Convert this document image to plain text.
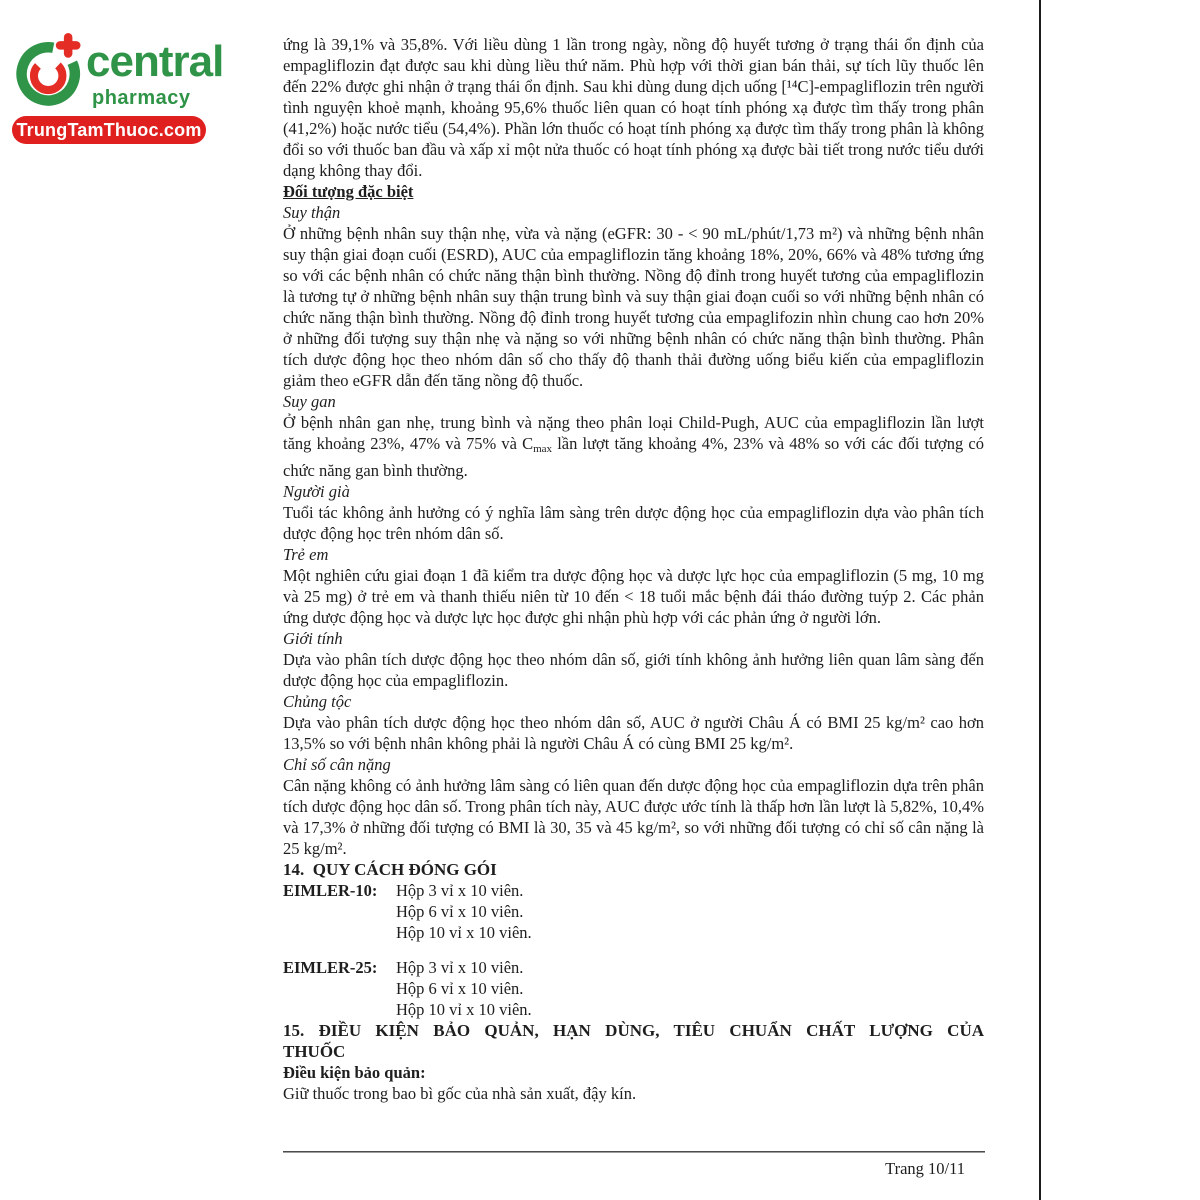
central
pharmacy
TrungTamThuoc.com

ứng là 39,1% và 35,8%. Với liều dùng 1 lần trong ngày, nồng độ huyết tương ở trạng thái ổn định của empagliflozin đạt được sau khi dùng liều thứ năm. Phù hợp với thời gian bán thải, sự tích lũy thuốc lên đến 22% được ghi nhận ở trạng thái ổn định. Sau khi dùng dung dịch uống [¹⁴C]-empagliflozin trên người tình nguyện khoẻ mạnh, khoảng 95,6% thuốc liên quan có hoạt tính phóng xạ được tìm thấy trong phân (41,2%) hoặc nước tiểu (54,4%). Phần lớn thuốc có hoạt tính phóng xạ được tìm thấy trong phân là không đổi so với thuốc ban đầu và xấp xỉ một nửa thuốc có hoạt tính phóng xạ được bài tiết trong nước tiểu dưới dạng không thay đổi.

Đối tượng đặc biệt

Suy thận

Ở những bệnh nhân suy thận nhẹ, vừa và nặng (eGFR: 30 - < 90 mL/phút/1,73 m²) và những bệnh nhân suy thận giai đoạn cuối (ESRD), AUC của empagliflozin tăng khoảng 18%, 20%, 66% và 48% tương ứng so với các bệnh nhân có chức năng thận bình thường. Nồng độ đỉnh trong huyết tương của empagliflozin là tương tự ở những bệnh nhân suy thận trung bình và suy thận giai đoạn cuối so với những bệnh nhân có chức năng thận bình thường. Nồng độ đỉnh trong huyết tương của empaglifozin nhìn chung cao hơn 20% ở những đối tượng suy thận nhẹ và nặng so với những bệnh nhân có chức năng thận bình thường. Phân tích dược động học theo nhóm dân số cho thấy độ thanh thải đường uống biểu kiến của empagliflozin giảm theo eGFR dẫn đến tăng nồng độ thuốc.

Suy gan

Ở bệnh nhân gan nhẹ, trung bình và nặng theo phân loại Child-Pugh, AUC của empagliflozin lần lượt tăng khoảng 23%, 47% và 75% và Cmax lần lượt tăng khoảng 4%, 23% và 48% so với các đối tượng có chức năng gan bình thường.

Người già

Tuổi tác không ảnh hưởng có ý nghĩa lâm sàng trên dược động học của empagliflozin dựa vào phân tích dược động học trên nhóm dân số.

Trẻ em

Một nghiên cứu giai đoạn 1 đã kiểm tra dược động học và dược lực học của empagliflozin (5 mg, 10 mg và 25 mg) ở trẻ em và thanh thiếu niên từ 10 đến < 18 tuổi mắc bệnh đái tháo đường tuýp 2. Các phản ứng dược động học và dược lực học được ghi nhận phù hợp với các phản ứng ở người lớn.

Giới tính

Dựa vào phân tích dược động học theo nhóm dân số, giới tính không ảnh hưởng liên quan lâm sàng đến dược động học của empagliflozin.

Chủng tộc

Dựa vào phân tích dược động học theo nhóm dân số, AUC ở người Châu Á có BMI 25 kg/m² cao hơn 13,5% so với bệnh nhân không phải là người Châu Á có cùng BMI 25 kg/m².

Chỉ số cân nặng

Cân nặng không có ảnh hưởng lâm sàng có liên quan đến dược động học của empagliflozin dựa trên phân tích dược động học dân số. Trong phân tích này, AUC được ước tính là thấp hơn lần lượt là 5,82%, 10,4% và 17,3% ở những đối tượng có BMI là 30, 35 và 45 kg/m², so với những đối tượng có chỉ số cân nặng là 25 kg/m².

14.  QUY CÁCH ĐÓNG GÓI

EIMLER-10:	Hộp 3 vỉ x 10 viên.
Hộp 6 vỉ x 10 viên.
Hộp 10 vỉ x 10 viên.
EIMLER-25:	Hộp 3 vỉ x 10 viên.
Hộp 6 vỉ x 10 viên.
Hộp 10 vỉ x 10 viên.

15. ĐIỀU KIỆN BẢO QUẢN, HẠN DÙNG, TIÊU CHUẨN CHẤT LƯỢNG CỦA THUỐC

Điều kiện bảo quản:

Giữ thuốc trong bao bì gốc của nhà sản xuất, đậy kín.

Trang 10/11
